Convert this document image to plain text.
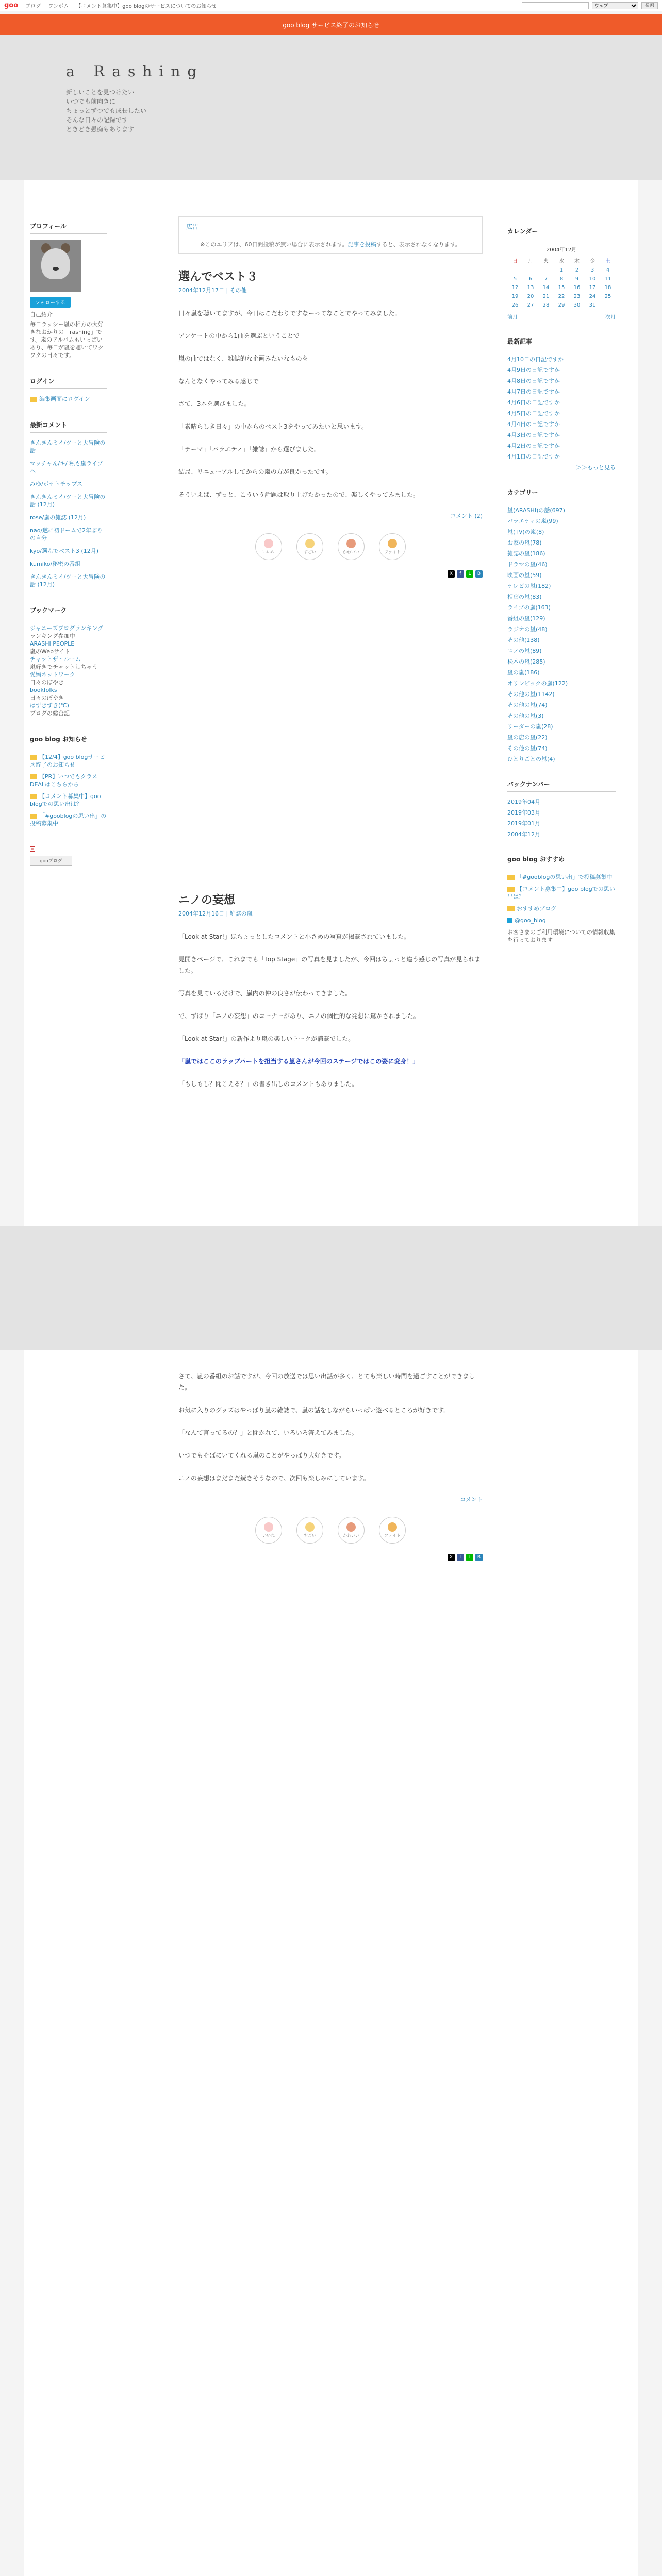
goo ブログ ワンポム 【コメント募集中】goo blogのサービスについてのお知らせ
ウェブ	検索
goo blog サービス終了のお知らせ
a Rashing
新しいことを見つけたい
いつでも前向きに
ちょっとずつでも成長したい
そんな日々の記録です
ときどき愚痴もあります
プロフィール
フォローする

自己紹介

毎日ラッシー嵐の相方の大好きなおかりの「rashing」です。嵐のアルバムもいっぱいあり、毎日が嵐を聴いてワクワクの日々です。

ログイン

編集画面にログイン

最新コメント
きんきんミイ/ツーと大冒険の話
マッチャん/キ/ 私も嵐ライブへ
みゆ/ポテトチップス
きんきんミイ/ツーと大冒険の話 (12月)
rose/嵐の雑誌 (12月)
nao/遂に初ドームで2年ぶりの自分
kyo/選んでベスト3 (12月)
kumiko/秘密の番組
きんきんミイ/ツーと大冒険の話 (12月)
ブックマーク
ジャニーズブログランキング
ランキング参加中
ARASHI PEOPLE
嵐のWebサイト
チャットザ・ルーム
嵐好きでチャットしちゃう
愛嬌ネットワーク
日々のぼやき
bookfolks
日々のぼやき
はずきずき(℃)
ブログの総合記
goo blog お知らせ
【12/4】goo blogサービス終了のお知らせ
【PR】いつでもクラスDEALはこちらから
【コメント募集中】goo blogでの思い出は？
「#gooblogの思い出」の投稿募集中
×
gooブログ
広告
※このエリアは、60日間投稿が無い場合に表示されます。記事を投稿すると、表示されなくなります。
選んでベスト３
2004年12月17日 | その他

日々嵐を聴いてますが、今日はこだわりですなーってなことでやってみました。

アンケートの中から1曲を選ぶということで

嵐の曲ではなく、雑誌的な企画みたいなものを

なんとなくやってみる感じで

さて、3本を選びました。

「素晴らしき日々」の中からのベスト3をやってみたいと思います。

「テーマ」「バラエティ」「雑誌」から選びました。

結局、リニューアルしてからの嵐の方が良かったです。

そういえば、ずっと、こういう話題は取り上げたかったので、楽しくやってみました。

コメント (2)
いいね	すごい	かわいい	ファイト
X	f	L	B
ニノの妄想
2004年12月16日 | 雑誌の嵐

「Look at Star!」ほちょっとしたコメントと小さめの写真が掲載されていました。

見開きページで、これまでも「Top Stage」の写真を見ましたが、今回はちょっと違う感じの写真が見られました。

写真を見ているだけで、嵐内の仲の良さが伝わってきました。

で、ずばり「ニノの妄想」のコーナーがあり、ニノの個性的な発想に驚かされました。

「Look at Star!」の新作より嵐の楽しいトークが満載でした。

「嵐ではここのラップパートを担当する嵐さんが今回のステージではこの姿に変身！」

「もしもし？聞こえる？」の書き出しのコメントもありました。

さて、嵐の番組のお話ですが、今回の放送では思い出話が多く、とても楽しい時間を過ごすことができました。

お気に入りのグッズはやっぱり嵐の雑誌で、嵐の話をしながらいっぱい遊べるところが好きです。

「なんて言ってるの？」と聞かれて、いろいろ答えてみました。

いつでもそばにいてくれる嵐のことがやっぱり大好きです。

ニノの妄想はまだまだ続きそうなので、次回も楽しみにしています。

コメント
いいね	すごい	かわいい	ファイト
X	f	L	B

カレンダー
2004年12月
日	月	火	水	木	金	土
			1	2	3	4
5	6	7	8	9	10	11
12	13	14	15	16	17	18
19	20	21	22	23	24	25
26	27	28	29	30	31	
前月	次月
最新記事
4月10日の日記ですか
4月9日の日記ですか
4月8日の日記ですか
4月7日の日記ですか
4月6日の日記ですか
4月5日の日記ですか
4月4日の日記ですか
4月3日の日記ですか
4月2日の日記ですか
4月1日の日記ですか
＞＞もっと見る
カテゴリー
嵐(ARASHI)の話(697)
バラエティの嵐(99)
嵐(TV)の嵐(8)
お家の嵐(78)
雑誌の嵐(186)
ドラマの嵐(46)
映画の嵐(59)
テレビの嵐(182)
相葉の嵐(83)
ライブの嵐(163)
番組の嵐(129)
ラジオの嵐(48)
その他(138)
ニノの嵐(89)
松本の嵐(285)
嵐の嵐(186)
オリンピックの嵐(122)
その他の嵐(1142)
その他の嵐(74)
その他の嵐(3)
リーダーの嵐(28)
嵐の店の嵐(22)
その他の嵐(74)
ひとりごとの嵐(4)
バックナンバー
2019年04月
2019年03月
2019年01月
2004年12月
goo blog おすすめ
「#gooblogの思い出」で投稿募集中
【コメント募集中】goo blogでの思い出は？
おすすめブログ
@goo_blog
お客さまのご利用環境についての情報収集を行っております
